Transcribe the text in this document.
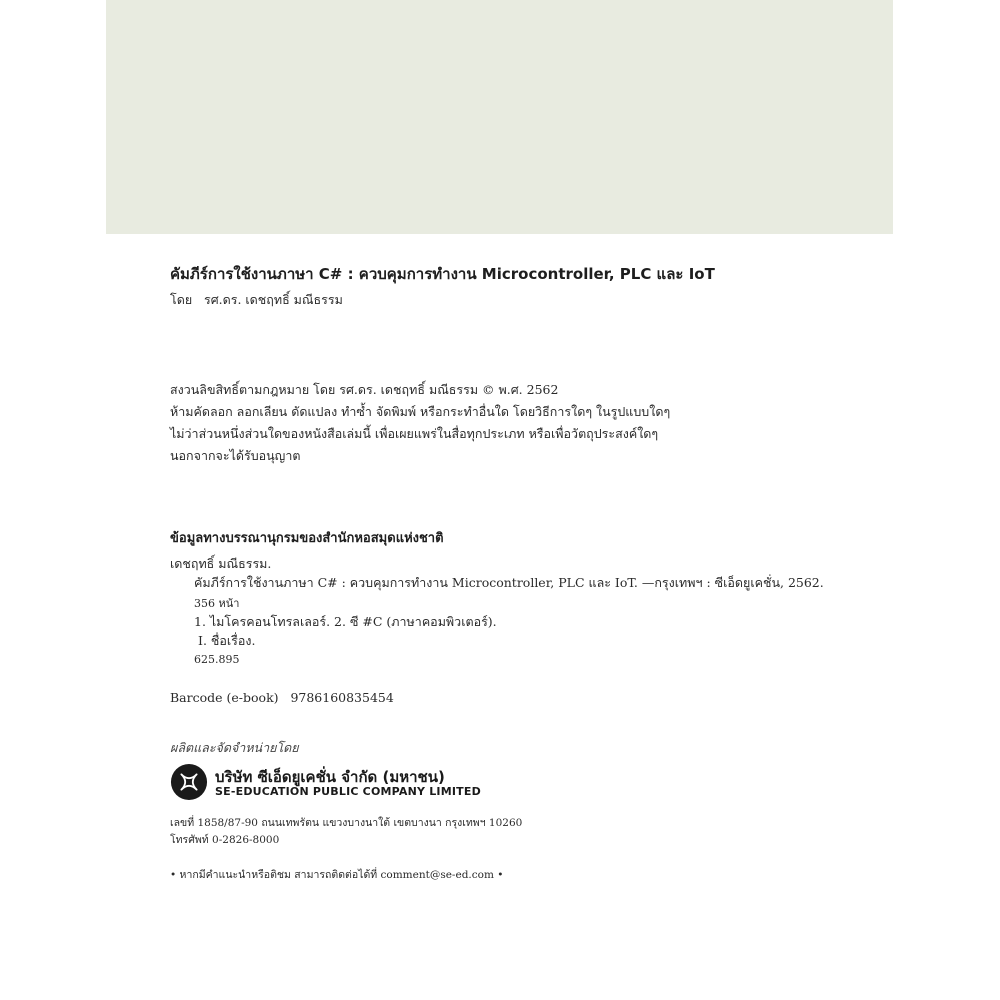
คัมภีร์การใช้งานภาษา C# : ควบคุมการทำงาน Microcontroller, PLC และ IoT
โดย รศ.ดร. เดชฤทธิ์ มณีธรรม
สงวนลิขสิทธิ์ตามกฎหมาย โดย รศ.ดร. เดชฤทธิ์ มณีธรรม © พ.ศ. 2562
ห้ามคัดลอก ลอกเลียน ดัดแปลง ทำซ้ำ จัดพิมพ์ หรือกระทำอื่นใด โดยวิธีการใดๆ ในรูปแบบใดๆ
ไม่ว่าส่วนหนึ่งส่วนใดของหนังสือเล่มนี้ เพื่อเผยแพร่ในสื่อทุกประเภท หรือเพื่อวัตถุประสงค์ใดๆ
นอกจากจะได้รับอนุญาต
ข้อมูลทางบรรณานุกรมของสำนักหอสมุดแห่งชาติ
เดชฤทธิ์ มณีธรรม.
คัมภีร์การใช้งานภาษา C# : ควบคุมการทำงาน Microcontroller, PLC และ IoT. —กรุงเทพฯ : ซีเอ็ดยูเคชั่น, 2562.
356 หน้า
1. ไมโครคอนโทรลเลอร์. 2. ซี #C (ภาษาคอมพิวเตอร์).
I. ชื่อเรื่อง.
625.895
Barcode (e-book) 9786160835454
ผลิตและจัดจำหน่ายโดย
บริษัท ซีเอ็ดยูเคชั่น จำกัด (มหาชน)
SE-EDUCATION PUBLIC COMPANY LIMITED
เลขที่ 1858/87-90 ถนนเทพรัตน แขวงบางนาใต้ เขตบางนา กรุงเทพฯ 10260
โทรศัพท์ 0-2826-8000
• หากมีคำแนะนำหรือติชม สามารถติดต่อได้ที่ comment@se-ed.com •
